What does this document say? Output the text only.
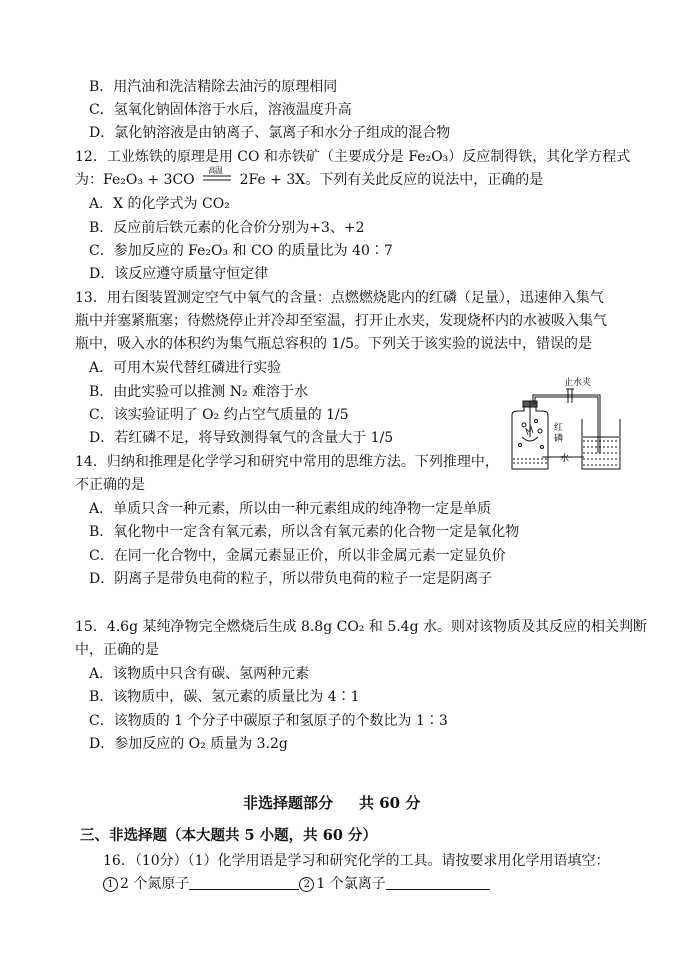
B．用汽油和洗洁精除去油污的原理相同
C．氢氧化钠固体溶于水后，溶液温度升高
D．氯化钠溶液是由钠离子、氯离子和水分子组成的混合物
12．工业炼铁的原理是用 CO 和赤铁矿（主要成分是 Fe₂O₃）反应制得铁，其化学方程式
为：Fe₂O₃ + 3CO
高温
2Fe + 3X。下列有关此反应的说法中，正确的是
A．X 的化学式为 CO₂
B．反应前后铁元素的化合价分别为+3、+2
C．参加反应的 Fe₂O₃ 和 CO 的质量比为 40∶7
D．该反应遵守质量守恒定律
13．用右图装置测定空气中氧气的含量：点燃燃烧匙内的红磷（足量），迅速伸入集气
瓶中并塞紧瓶塞；待燃烧停止并冷却至室温，打开止水夹，发现烧杯内的水被吸入集气
瓶中，吸入水的体积约为集气瓶总容积的 1/5。下列关于该实验的说法中，错误的是
A．可用木炭代替红磷进行实验
B．由此实验可以推测 N₂ 难溶于水
C．该实验证明了 O₂ 约占空气质量的 1/5
D．若红磷不足，将导致测得氧气的含量大于 1/5
止水夹
红
磷
水
14．归纳和推理是化学学习和研究中常用的思维方法。下列推理中，
不正确的是
A．单质只含一种元素，所以由一种元素组成的纯净物一定是单质
B．氧化物中一定含有氧元素，所以含有氧元素的化合物一定是氧化物
C．在同一化合物中，金属元素显正价，所以非金属元素一定显负价
D．阴离子是带负电荷的粒子，所以带负电荷的粒子一定是阴离子
15．4.6g 某纯净物完全燃烧后生成 8.8g CO₂ 和 5.4g 水。则对该物质及其反应的相关判断
中，正确的是
A．该物质中只含有碳、氢两种元素
B．该物质中，碳、氢元素的质量比为 4∶1
C．该物质的 1 个分子中碳原子和氢原子的个数比为 1∶3
D．参加反应的 O₂ 质量为 3.2g
非选择题部分 共 60 分
三、非选择题（本大题共 5 小题，共 60 分）
16．（10分）（1）化学用语是学习和研究化学的工具。请按要求用化学用语填空：
1 2 个氮原子	2 1 个氯离子
